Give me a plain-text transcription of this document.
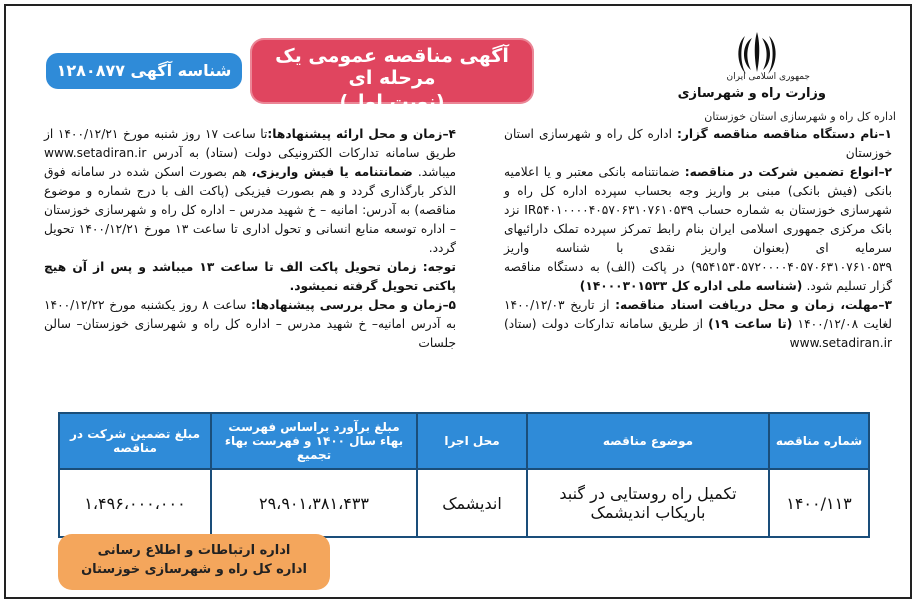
جمهوری اسلامی ایران
وزارت راه و شهرسازی
اداره کل راه و شهرسازی استان خوزستان
آگهی مناقصه عمومی یک مرحله ای
(نوبت اول)
شناسه آگهی ۱۲۸۰۸۷۷

۱–نام دستگاه مناقصه مناقصه گزار: اداره کل راه و شهرسازی استان خوزستان

۲–انواع تضمین شرکت در مناقصه: ضمانتنامه بانکی معتبر و یا اعلامیه بانکی (فیش بانکی) مبنی بر واریز وجه بحساب سپرده اداره کل راه و شهرسازی خوزستان به شماره حساب IR۵۴۰۱۰۰۰۰۴۰۵۷۰۶۳۱۰۷۶۱۰۵۳۹ نزد بانک مرکزی جمهوری اسلامی ایران بنام رابط تمرکز سپرده تملک دارائیهای سرمایه ای (بعنوان واریز نقدی با شناسه واریز ۹۵۴۱۵۳۰۵۷۲۰۰۰۰۴۰۵۷۰۶۳۱۰۷۶۱۰۵۳۹) در پاکت (الف) به دستگاه مناقصه گزار تسلیم شود. (شناسه ملی اداره کل ۱۴۰۰۰۳۰۱۵۳۳)

۳–مهلت، زمان و محل دریافت اسناد مناقصه: از تاریخ ۱۴۰۰/۱۲/۰۳ لغایت ۱۴۰۰/۱۲/۰۸ (تا ساعت ۱۹) از طریق سامانه تدارکات دولت (ستاد) www.setadiran.ir

۴–زمان و محل ارائه پیشنهادها:تا ساعت ۱۷ روز شنبه مورخ ۱۴۰۰/۱۲/۲۱ از طریق سامانه تدارکات الکترونیکی دولت (ستاد) به آدرس www.setadiran.ir میباشد. ضمانتنامه یا فیش واریزی، هم بصورت اسکن شده در سامانه فوق الذکر بارگذاری گردد و هم بصورت فیزیکی (پاکت الف با درج شماره و موضوع مناقصه) به آدرس: امانیه – خ شهید مدرس – اداره کل راه و شهرسازی خوزستان – اداره توسعه منابع انسانی و تحول اداری تا ساعت ۱۳ مورخ ۱۴۰۰/۱۲/۲۱ تحویل گردد.

توجه: زمان تحویل پاکت الف تا ساعت ۱۳ میباشد و پس از آن هیچ پاکتی تحویل گرفته نمیشود.

۵–زمان و محل بررسی پیشنهادها: ساعت ۸ روز یکشنبه مورخ ۱۴۰۰/۱۲/۲۲ به آدرس امانیه– خ شهید مدرس – اداره کل راه و شهرسازی خوزستان– سالن جلسات

شماره مناقصه	موضوع مناقصه	محل اجرا	مبلغ برآورد براساس فهرست بهاء سال ۱۴۰۰ و فهرست بهاء تجمیع	مبلغ تضمین شرکت در مناقصه
۱۴۰۰/۱۱۳	تکمیل راه روستایی در گنبد باریکاب اندیشمک	اندیشمک	۲۹،۹۰۱،۳۸۱،۴۳۳	۱،۴۹۶،۰۰۰،۰۰۰
اداره ارتباطات و اطلاع رسانی
اداره کل راه و شهرسازی خوزستان
